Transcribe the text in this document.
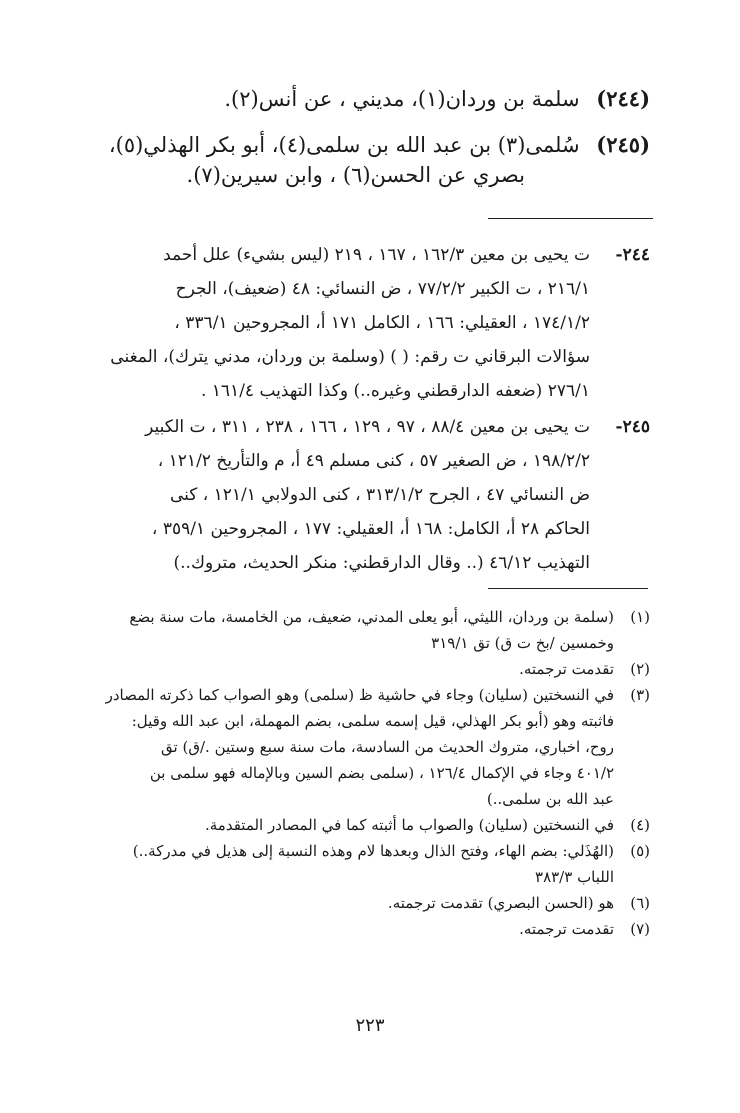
(٢٤٤) سلمة بن وردان(١)، مديني ، عن أنس(٢).
(٢٤٥) سُلمى(٣) بن عبد الله بن سلمى(٤)، أبو بكر الهذلي(٥)،
بصري عن الحسن(٦) ، وابن سيرين(٧).
٢٤٤-ت يحيى بن معين ١٦٢/٣ ، ١٦٧ ، ٢١٩ (ليس بشيء) علل أحمد
٢١٦/١ ، ت الكبير ٧٧/٢/٢ ، ض النسائي: ٤٨ (ضعيف)، الجرح
١٧٤/١/٢ ، العقيلي: ١٦٦ ، الكامل ١٧١ أ، المجروحين ٣٣٦/١ ،
سؤالات البرقاني ت رقم: ( ) (وسلمة بن وردان، مدني يترك)، المغنى
٢٧٦/١ (ضعفه الدارقطني وغيره..) وكذا التهذيب ١٦١/٤ .
٢٤٥-ت يحيى بن معين ٨٨/٤ ، ٩٧ ، ١٢٩ ، ١٦٦ ، ٢٣٨ ، ٣١١ ، ت الكبير
١٩٨/٢/٢ ، ض الصغير ٥٧ ، كنى مسلم ٤٩ أ، م والتأريخ ١٢١/٢ ،
ض النسائي ٤٧ ، الجرح ٣١٣/١/٢ ، كنى الدولابي ١٢١/١ ، كنى
الحاكم ٢٨ أ، الكامل: ١٦٨ أ، العقيلي: ١٧٧ ، المجروحين ٣٥٩/١ ،
التهذيب ٤٦/١٢ (.. وقال الدارقطني: منكر الحديث، متروك..)
(١)(سلمة بن وردان، الليثي، أبو يعلى المدني، ضعيف، من الخامسة، مات سنة بضع
وخمسين /بخ ت ق) تق ٣١٩/١
(٢)تقدمت ترجمته.
(٣)في النسختين (سليان) وجاء في حاشية ظ (سلمى) وهو الصواب كما ذكرته المصادر
فاثبته وهو (أبو بكر الهذلي، قيل إسمه سلمى، بضم المهملة، ابن عبد الله وقيل:
روح، اخباري، متروك الحديث من السادسة، مات سنة سبع وستين ./ق) تق
٤٠١/٢ وجاء في الإكمال ١٢٦/٤ ، (سلمى بضم السين وبالإماله فهو سلمى بن
عبد الله بن سلمى..)
(٤)في النسختين (سليان) والصواب ما أثبته كما في المصادر المتقدمة.
(٥)(الهُذَلي: بضم الهاء، وفتح الذال وبعدها لام وهذه النسبة إلى هذيل في مدركة..)
اللباب ٣٨٣/٣
(٦)هو (الحسن البصري) تقدمت ترجمته.
(٧)تقدمت ترجمته.
٢٢٣
